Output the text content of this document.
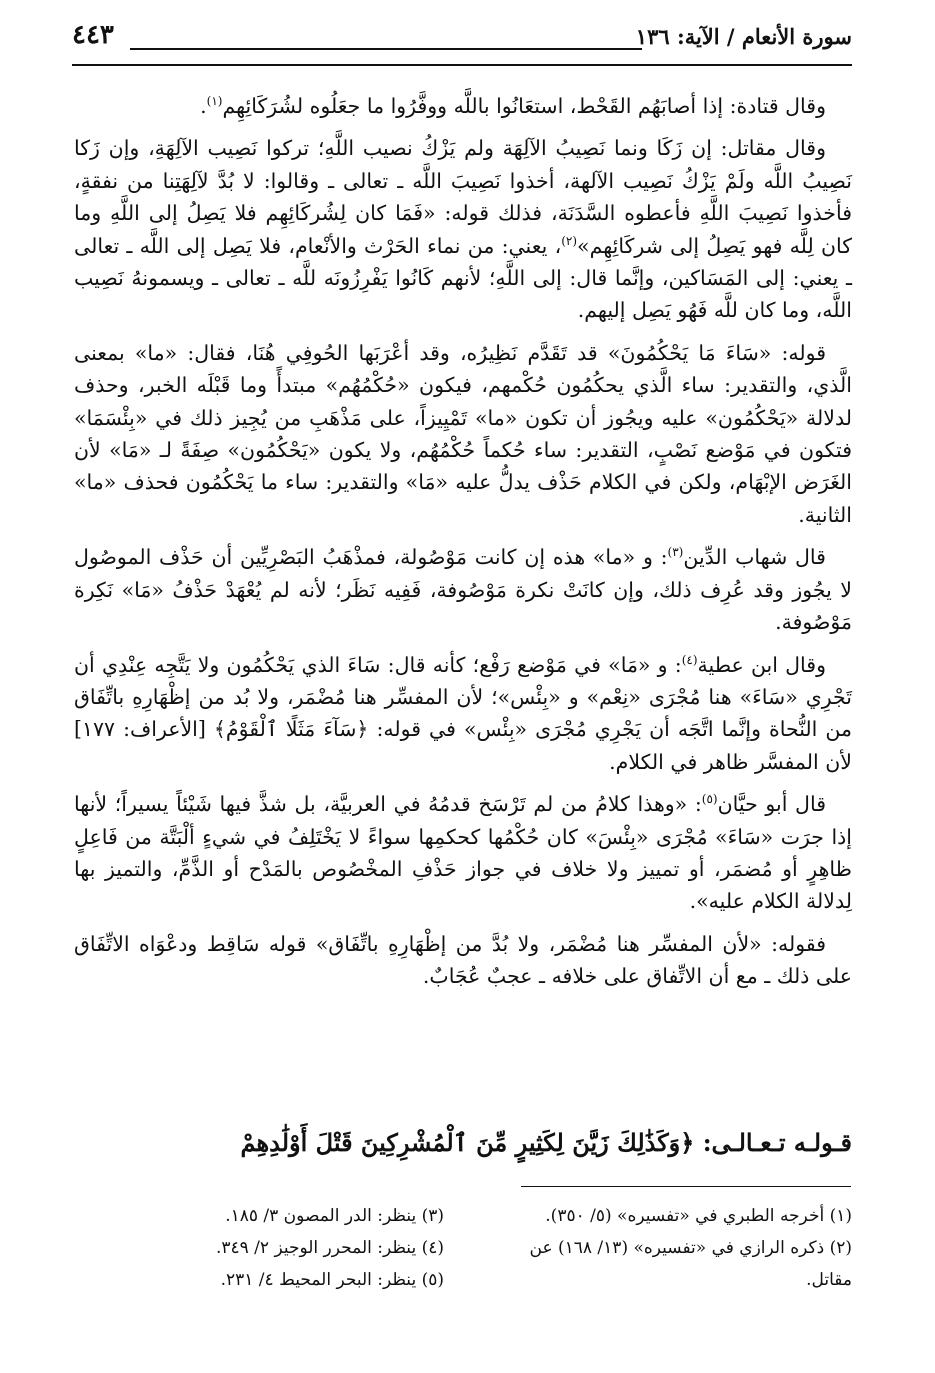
سورة الأنعام / الآية: ١٣٦
٤٤٣

وقال قتادة: إذا أصابَهُم القَحْط، استعَانُوا باللَّه ووفَّرُوا ما جعَلُوه لشُرَكَائِهِم$^{(١)}$.

وقال مقاتل: إن زَكَا ونما نَصِيبُ الآلِهَة ولم يَزْكُ نصيب اللَّهِ؛ تركوا نَصِيب الآلِهَةِ، وإن زَكا نَصِيبُ اللَّه ولَمْ يَزْكُ نَصِيب الآلهة، أخذوا نَصِيبَ اللَّه ـ تعالى ـ وقالوا: لا بُدَّ لآلِهَتِنا من نفقةٍ، فأخذوا نَصِيبَ اللَّهِ فأعطوه السَّدَنَة، فذلك قوله: «فَمَا كان لِشُركَائِهِم فلا يَصِلُ إلى اللَّهِ وما كان لِلَّه فهو يَصِلُ إلى شركَائِهِم»$^{(٢)}$، يعني: من نماء الحَرْث والأنْعام، فلا يَصِل إلى اللَّه ـ تعالى ـ يعني: إلى المَسَاكين، وإنَّما قال: إلى اللَّهِ؛ لأنهم كَانُوا يَفْرِزُونَه للَّه ـ تعالى ـ ويسمونهُ نَصِيب اللَّه، وما كان للَّه فَهُو يَصِل إليهم.

قوله: «سَاءَ مَا يَحْكُمُونَ» قد تَقَدَّم نَظِيرُه، وقد أعْرَبَها الحُوفِي هُنَا، فقال: «ما» بمعنى الَّذي، والتقدير: ساء الَّذي يحكُمُون حُكْمهم، فيكون «حُكْمُهُم» مبتدأً وما قَبْلَه الخبر، وحذف لدلالة «يَحْكُمُون» عليه ويجُوز أن تكون «ما» تَمْيِيزاً، على مَذْهَبِ من يُجِيز ذلك في «بِئْسَمَا» فتكون في مَوْضع نَصْبٍ، التقدير: ساء حُكماً حُكْمُهُم، ولا يكون «يَحْكُمُون» صِفَةً لـ «مَا» لأن الغَرَض الإبْهَام، ولكن في الكلام حَذْف يدلُّ عليه «مَا» والتقدير: ساء ما يَحْكُمُون فحذف «ما» الثانية.

قال شهاب الدِّين$^{(٣)}$: و «ما» هذه إن كانت مَوْصُولة، فمذْهَبُ البَصْرِيِّين أن حَذْف الموصُول لا يجُوز وقد عُرِف ذلك، وإن كانَتْ نكرة مَوْصُوفة، فَفِيه نَظَر؛ لأنه لم يُعْهَدْ حَذْفُ «مَا» نَكِرة مَوْصُوفة.

وقال ابن عطية$^{(٤)}$: و «مَا» في مَوْضع رَفْع؛ كأنه قال: سَاءَ الذي يَحْكُمُون ولا يَتَّجِه عِنْدِي أن تَجْرِي «سَاءَ» هنا مُجْرَى «نِعْم» و «بِئْس»؛ لأن المفسِّر هنا مُضْمَر، ولا بُد من إظْهَارِهِ باتِّفَاق من النُّحاة وإنَّما اتَّجَه أن يَجْرِي مُجْرَى «بِئْس» في قوله: ﴿سَآءَ مَثَلًا ٱلْقَوْمُ﴾ [الأعراف: ١٧٧] لأن المفسَّر ظاهر في الكلام.

قال أبو حيَّان$^{(٥)}$: «وهذا كلامُ من لم تَرْسَخ قدمُهُ في العربيَّة، بل شذَّ فيها شَيْئاً يسيراً؛ لأنها إذا جرَت «سَاءَ» مُجْرَى «بِئْسَ» كان حُكْمُها كحكمِها سواءً لا يَخْتَلِفُ في شيءٍ ألْبَتَّة من فَاعِلٍ ظاهِرٍ أو مُضمَر، أو تمييز ولا خلاف في جواز حَذْفِ المخْصُوص بالمَدْح أو الذَّمِّ، والتميز بها لِدلالة الكلام عليه».

فقوله: «لأن المفسِّر هنا مُضْمَر، ولا بُدَّ من إظْهَارِهِ باتِّفَاق» قوله سَاقِط ودعْوَاه الاتِّفَاق على ذلك ـ مع أن الاتِّفاق على خلافه ـ عجبٌ عُجَابٌ.

قـولـه تـعـالـى: ﴿وَكَذَٰلِكَ زَيَّنَ لِكَثِيرٍ مِّنَ ٱلْمُشْرِكِينَ قَتْلَ أَوْلَٰدِهِمْ

(١) أخرجه الطبري في «تفسيره» (٥/ ٣٥٠).

(٢) ذكره الرازي في «تفسيره» (١٣/ ١٦٨) عن مقاتل.

(٣) ينظر: الدر المصون ٣/ ١٨٥.

(٤) ينظر: المحرر الوجيز ٢/ ٣٤٩.

(٥) ينظر: البحر المحيط ٤/ ٢٣١.
